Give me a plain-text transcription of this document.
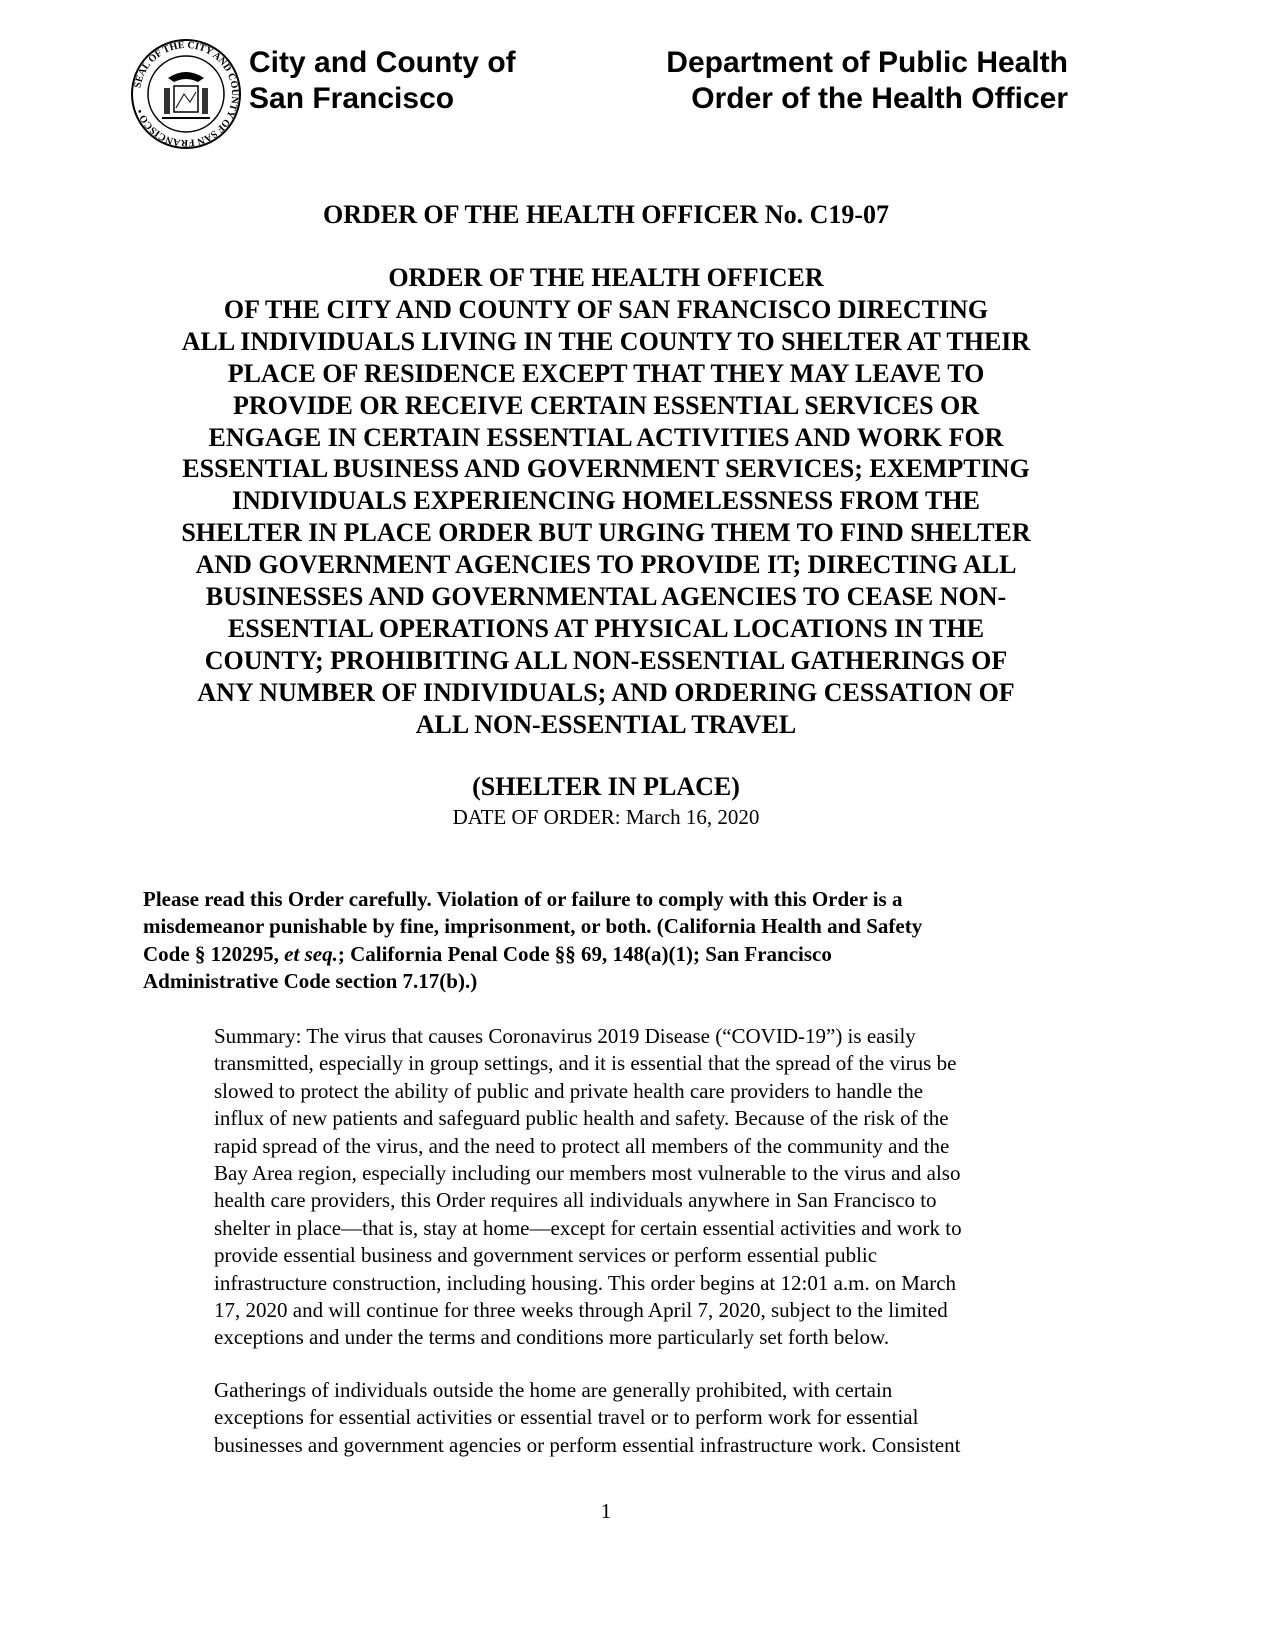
SEAL OF THE CITY AND COUNTY OF SAN FRANCISCO •
City and County of
San Francisco
Department of Public Health
Order of the Health Officer
ORDER OF THE HEALTH OFFICER No. C19-07
ORDER OF THE HEALTH OFFICER
OF THE CITY AND COUNTY OF SAN FRANCISCO DIRECTING
ALL INDIVIDUALS LIVING IN THE COUNTY TO SHELTER AT THEIR
PLACE OF RESIDENCE EXCEPT THAT THEY MAY LEAVE TO
PROVIDE OR RECEIVE CERTAIN ESSENTIAL SERVICES OR
ENGAGE IN CERTAIN ESSENTIAL ACTIVITIES AND WORK FOR
ESSENTIAL BUSINESS AND GOVERNMENT SERVICES; EXEMPTING
INDIVIDUALS EXPERIENCING HOMELESSNESS FROM THE
SHELTER IN PLACE ORDER BUT URGING THEM TO FIND SHELTER
AND GOVERNMENT AGENCIES TO PROVIDE IT; DIRECTING ALL
BUSINESSES AND GOVERNMENTAL AGENCIES TO CEASE NON-
ESSENTIAL OPERATIONS AT PHYSICAL LOCATIONS IN THE
COUNTY; PROHIBITING ALL NON-ESSENTIAL GATHERINGS OF
ANY NUMBER OF INDIVIDUALS; AND ORDERING CESSATION OF
ALL NON-ESSENTIAL TRAVEL
(SHELTER IN PLACE)
DATE OF ORDER: March 16, 2020
Please read this Order carefully. Violation of or failure to comply with this Order is a
misdemeanor punishable by fine, imprisonment, or both. (California Health and Safety
Code § 120295, et seq.; California Penal Code §§ 69, 148(a)(1); San Francisco
Administrative Code section 7.17(b).)
Summary: The virus that causes Coronavirus 2019 Disease (“COVID-19”) is easily
transmitted, especially in group settings, and it is essential that the spread of the virus be
slowed to protect the ability of public and private health care providers to handle the
influx of new patients and safeguard public health and safety. Because of the risk of the
rapid spread of the virus, and the need to protect all members of the community and the
Bay Area region, especially including our members most vulnerable to the virus and also
health care providers, this Order requires all individuals anywhere in San Francisco to
shelter in place—that is, stay at home—except for certain essential activities and work to
provide essential business and government services or perform essential public
infrastructure construction, including housing. This order begins at 12:01 a.m. on March
17, 2020 and will continue for three weeks through April 7, 2020, subject to the limited
exceptions and under the terms and conditions more particularly set forth below.
Gatherings of individuals outside the home are generally prohibited, with certain
exceptions for essential activities or essential travel or to perform work for essential
businesses and government agencies or perform essential infrastructure work. Consistent
1
